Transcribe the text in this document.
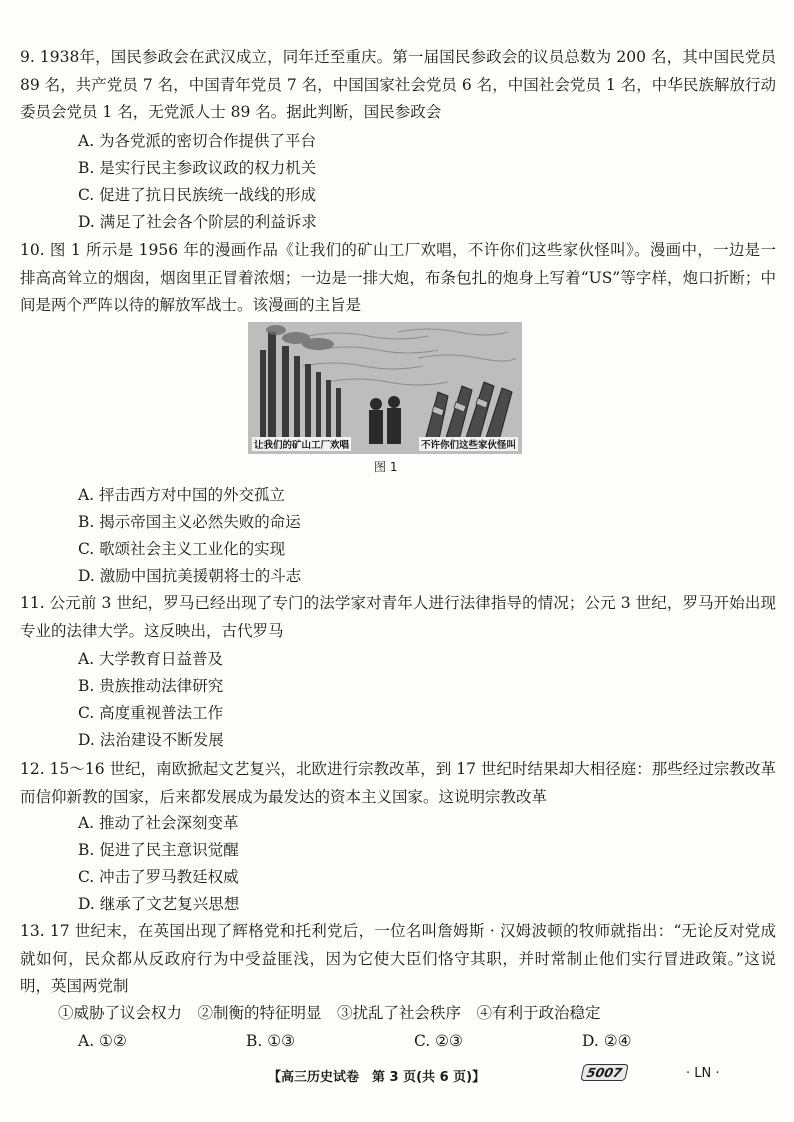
9. 1938年，国民参政会在武汉成立，同年迁至重庆。第一届国民参政会的议员总数为 200 名，其中国民党员 89 名，共产党员 7 名，中国青年党员 7 名，中国国家社会党员 6 名，中国社会党员 1 名，中华民族解放行动委员会党员 1 名，无党派人士 89 名。据此判断，国民参政会

A. 为各党派的密切合作提供了平台
B. 是实行民主参政议政的权力机关
C. 促进了抗日民族统一战线的形成
D. 满足了社会各个阶层的利益诉求

10. 图 1 所示是 1956 年的漫画作品《让我们的矿山工厂欢唱，不许你们这些家伙怪叫》。漫画中，一边是一排高高耸立的烟囱，烟囱里正冒着浓烟；一边是一排大炮，布条包扎的炮身上写着“US”等字样，炮口折断；中间是两个严阵以待的解放军战士。该漫画的主旨是

让我们的矿山工厂欢唱	不许你们这些家伙怪叫
图 1
A. 抨击西方对中国的外交孤立
B. 揭示帝国主义必然失败的命运
C. 歌颂社会主义工业化的实现
D. 激励中国抗美援朝将士的斗志

11. 公元前 3 世纪，罗马已经出现了专门的法学家对青年人进行法律指导的情况；公元 3 世纪，罗马开始出现专业的法律大学。这反映出，古代罗马

A. 大学教育日益普及
B. 贵族推动法律研究
C. 高度重视普法工作
D. 法治建设不断发展

12. 15～16 世纪，南欧掀起文艺复兴，北欧进行宗教改革，到 17 世纪时结果却大相径庭：那些经过宗教改革而信仰新教的国家，后来都发展成为最发达的资本主义国家。这说明宗教改革

A. 推动了社会深刻变革
B. 促进了民主意识觉醒
C. 冲击了罗马教廷权威
D. 继承了文艺复兴思想

13. 17 世纪末，在英国出现了辉格党和托利党后，一位名叫詹姆斯 · 汉姆波顿的牧师就指出：“无论反对党成就如何，民众都从反政府行为中受益匪浅，因为它使大臣们恪守其职，并时常制止他们实行冒进政策。”这说明，英国两党制

①威胁了议会权力　②制衡的特征明显　③扰乱了社会秩序　④有利于政治稳定
A. ①②	B. ①③	C. ②③	D. ②④
【高三历史试卷　第 3 页(共 6 页)】	5007	· LN ·
